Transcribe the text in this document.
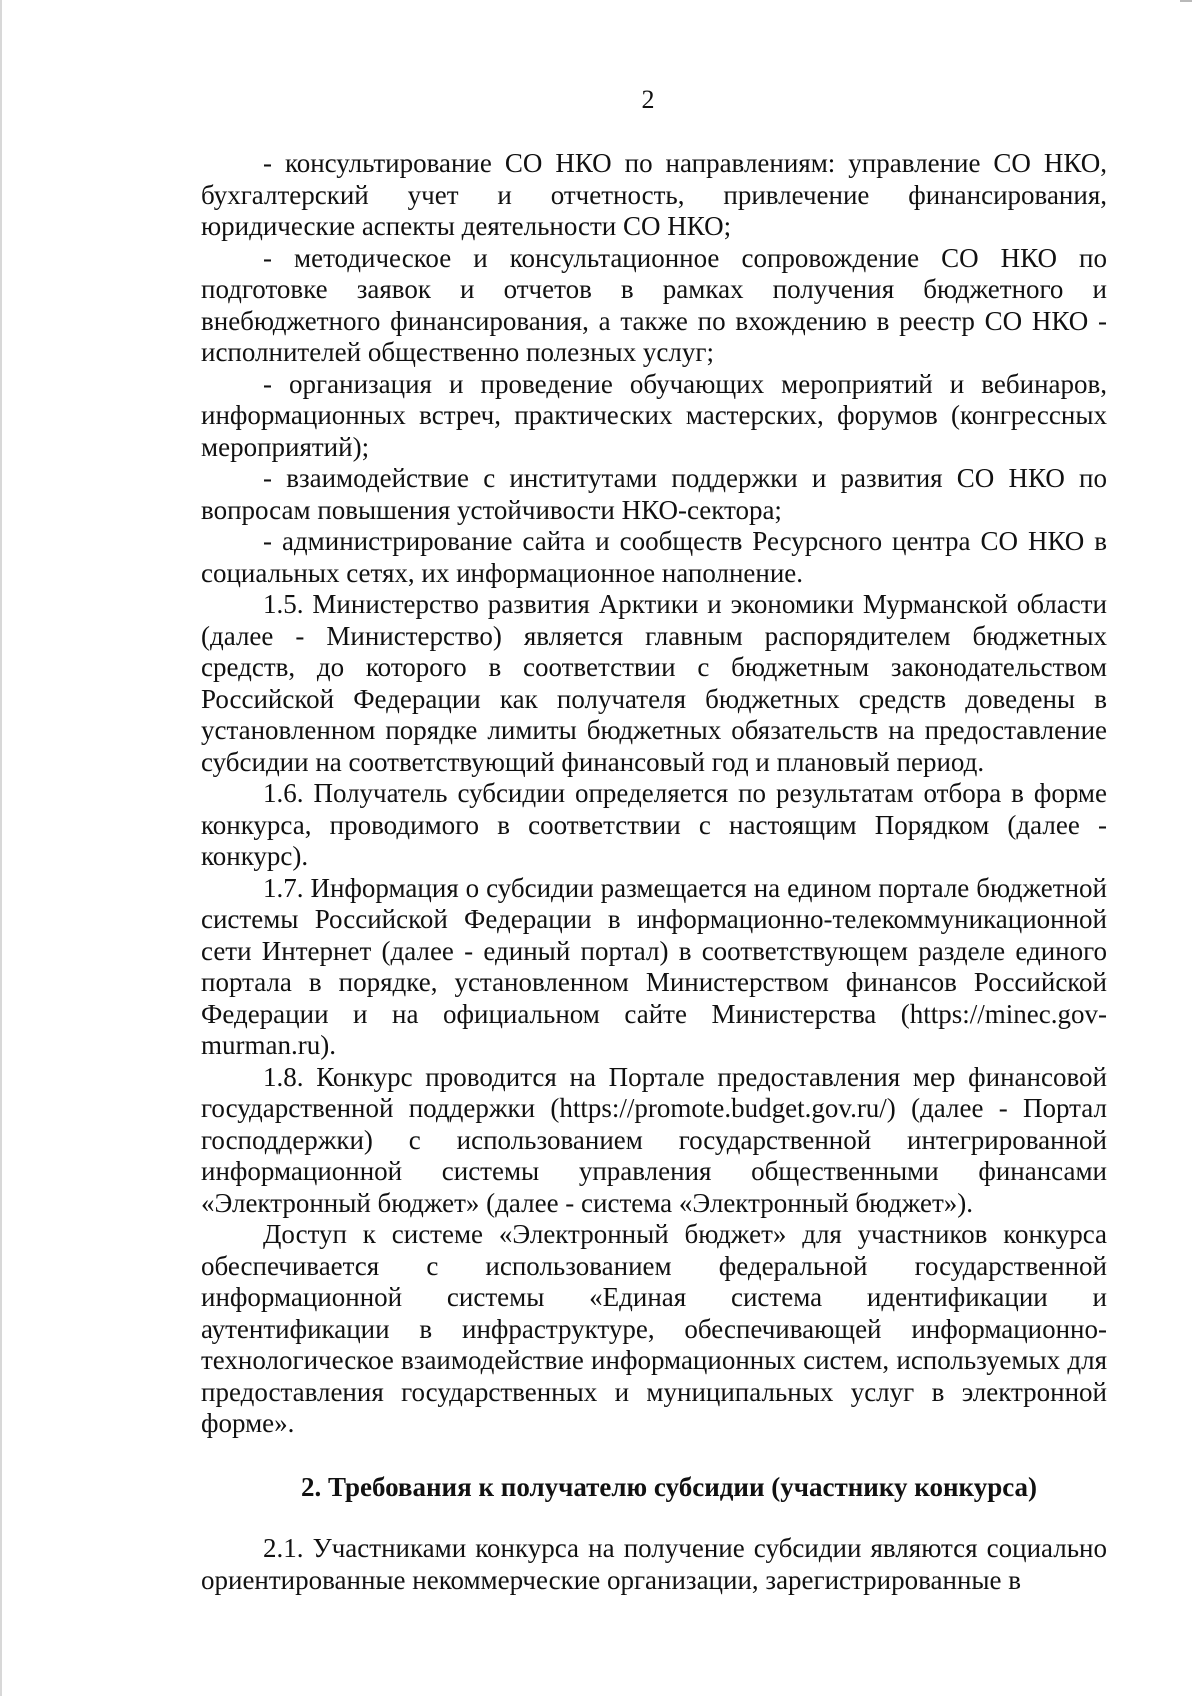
2

- консультирование СО НКО по направлениям: управление СО НКО, бухгалтерский учет и отчетность, привлечение финансирования, юридические аспекты деятельности СО НКО;

- методическое и консультационное сопровождение СО НКО по подготовке заявок и отчетов в рамках получения бюджетного и внебюджетного финансирования, а также по вхождению в реестр СО НКО - исполнителей общественно полезных услуг;

- организация и проведение обучающих мероприятий и вебинаров, информационных встреч, практических мастерских, форумов (конгрессных мероприятий);

- взаимодействие с институтами поддержки и развития СО НКО по вопросам повышения устойчивости НКО-сектора;

- администрирование сайта и сообществ Ресурсного центра СО НКО в социальных сетях, их информационное наполнение.

1.5. Министерство развития Арктики и экономики Мурманской области (далее - Министерство) является главным распорядителем бюджетных средств, до которого в соответствии с бюджетным законодательством Российской Федерации как получателя бюджетных средств доведены в установленном порядке лимиты бюджетных обязательств на предоставление субсидии на соответствующий финансовый год и плановый период.

1.6. Получатель субсидии определяется по результатам отбора в форме конкурса, проводимого в соответствии с настоящим Порядком (далее - конкурс).

1.7. Информация о субсидии размещается на едином портале бюджетной системы Российской Федерации в информационно-телекоммуникационной сети Интернет (далее - единый портал) в соответствующем разделе единого портала в порядке, установленном Министерством финансов Российской Федерации и на официальном сайте Министерства (https://minec.gov-murman.ru).

1.8. Конкурс проводится на Портале предоставления мер финансовой государственной поддержки (https://promote.budget.gov.ru/) (далее - Портал господдержки) с использованием государственной интегрированной информационной системы управления общественными финансами «Электронный бюджет» (далее - система «Электронный бюджет»).

Доступ к системе «Электронный бюджет» для участников конкурса обеспечивается с использованием федеральной государственной информационной системы «Единая система идентификации и аутентификации в инфраструктуре, обеспечивающей информационно-технологическое взаимодействие информационных систем, используемых для предоставления государственных и муниципальных услуг в электронной форме».

2. Требования к получателю субсидии (участнику конкурса)

2.1. Участниками конкурса на получение субсидии являются социально ориентированные некоммерческие организации, зарегистрированные в
